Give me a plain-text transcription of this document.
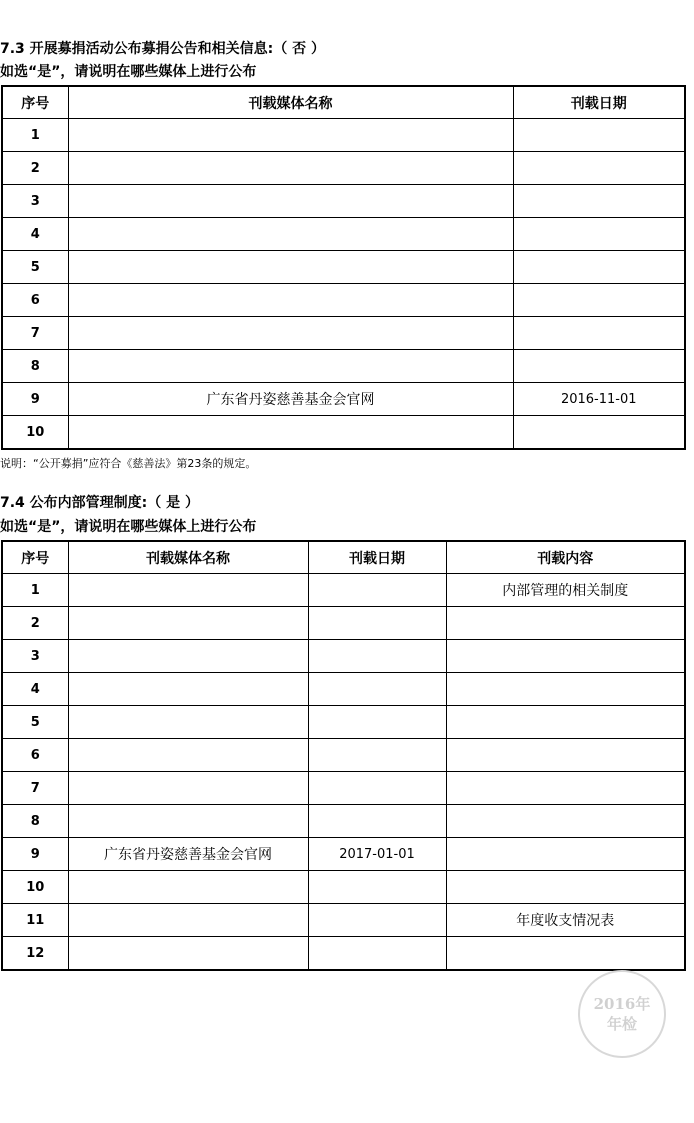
7.3 开展募捐活动公布募捐公告和相关信息:（ 否 ）
如选“是”，请说明在哪些媒体上进行公布
序号	刊载媒体名称	刊载日期
1		
2		
3		
4		
5		
6		
7		
8		
9	广东省丹姿慈善基金会官网	2016-11-01
10		
说明：“公开募捐”应符合《慈善法》第23条的规定。
7.4 公布内部管理制度:（ 是 ）
如选“是”，请说明在哪些媒体上进行公布
序号	刊载媒体名称	刊载日期	刊载内容
1			内部管理的相关制度
2			
3			
4			
5			
6			
7			
8			
9	广东省丹姿慈善基金会官网	2017-01-01	
10			
11			年度收支情况表
12			
2016年
年检
